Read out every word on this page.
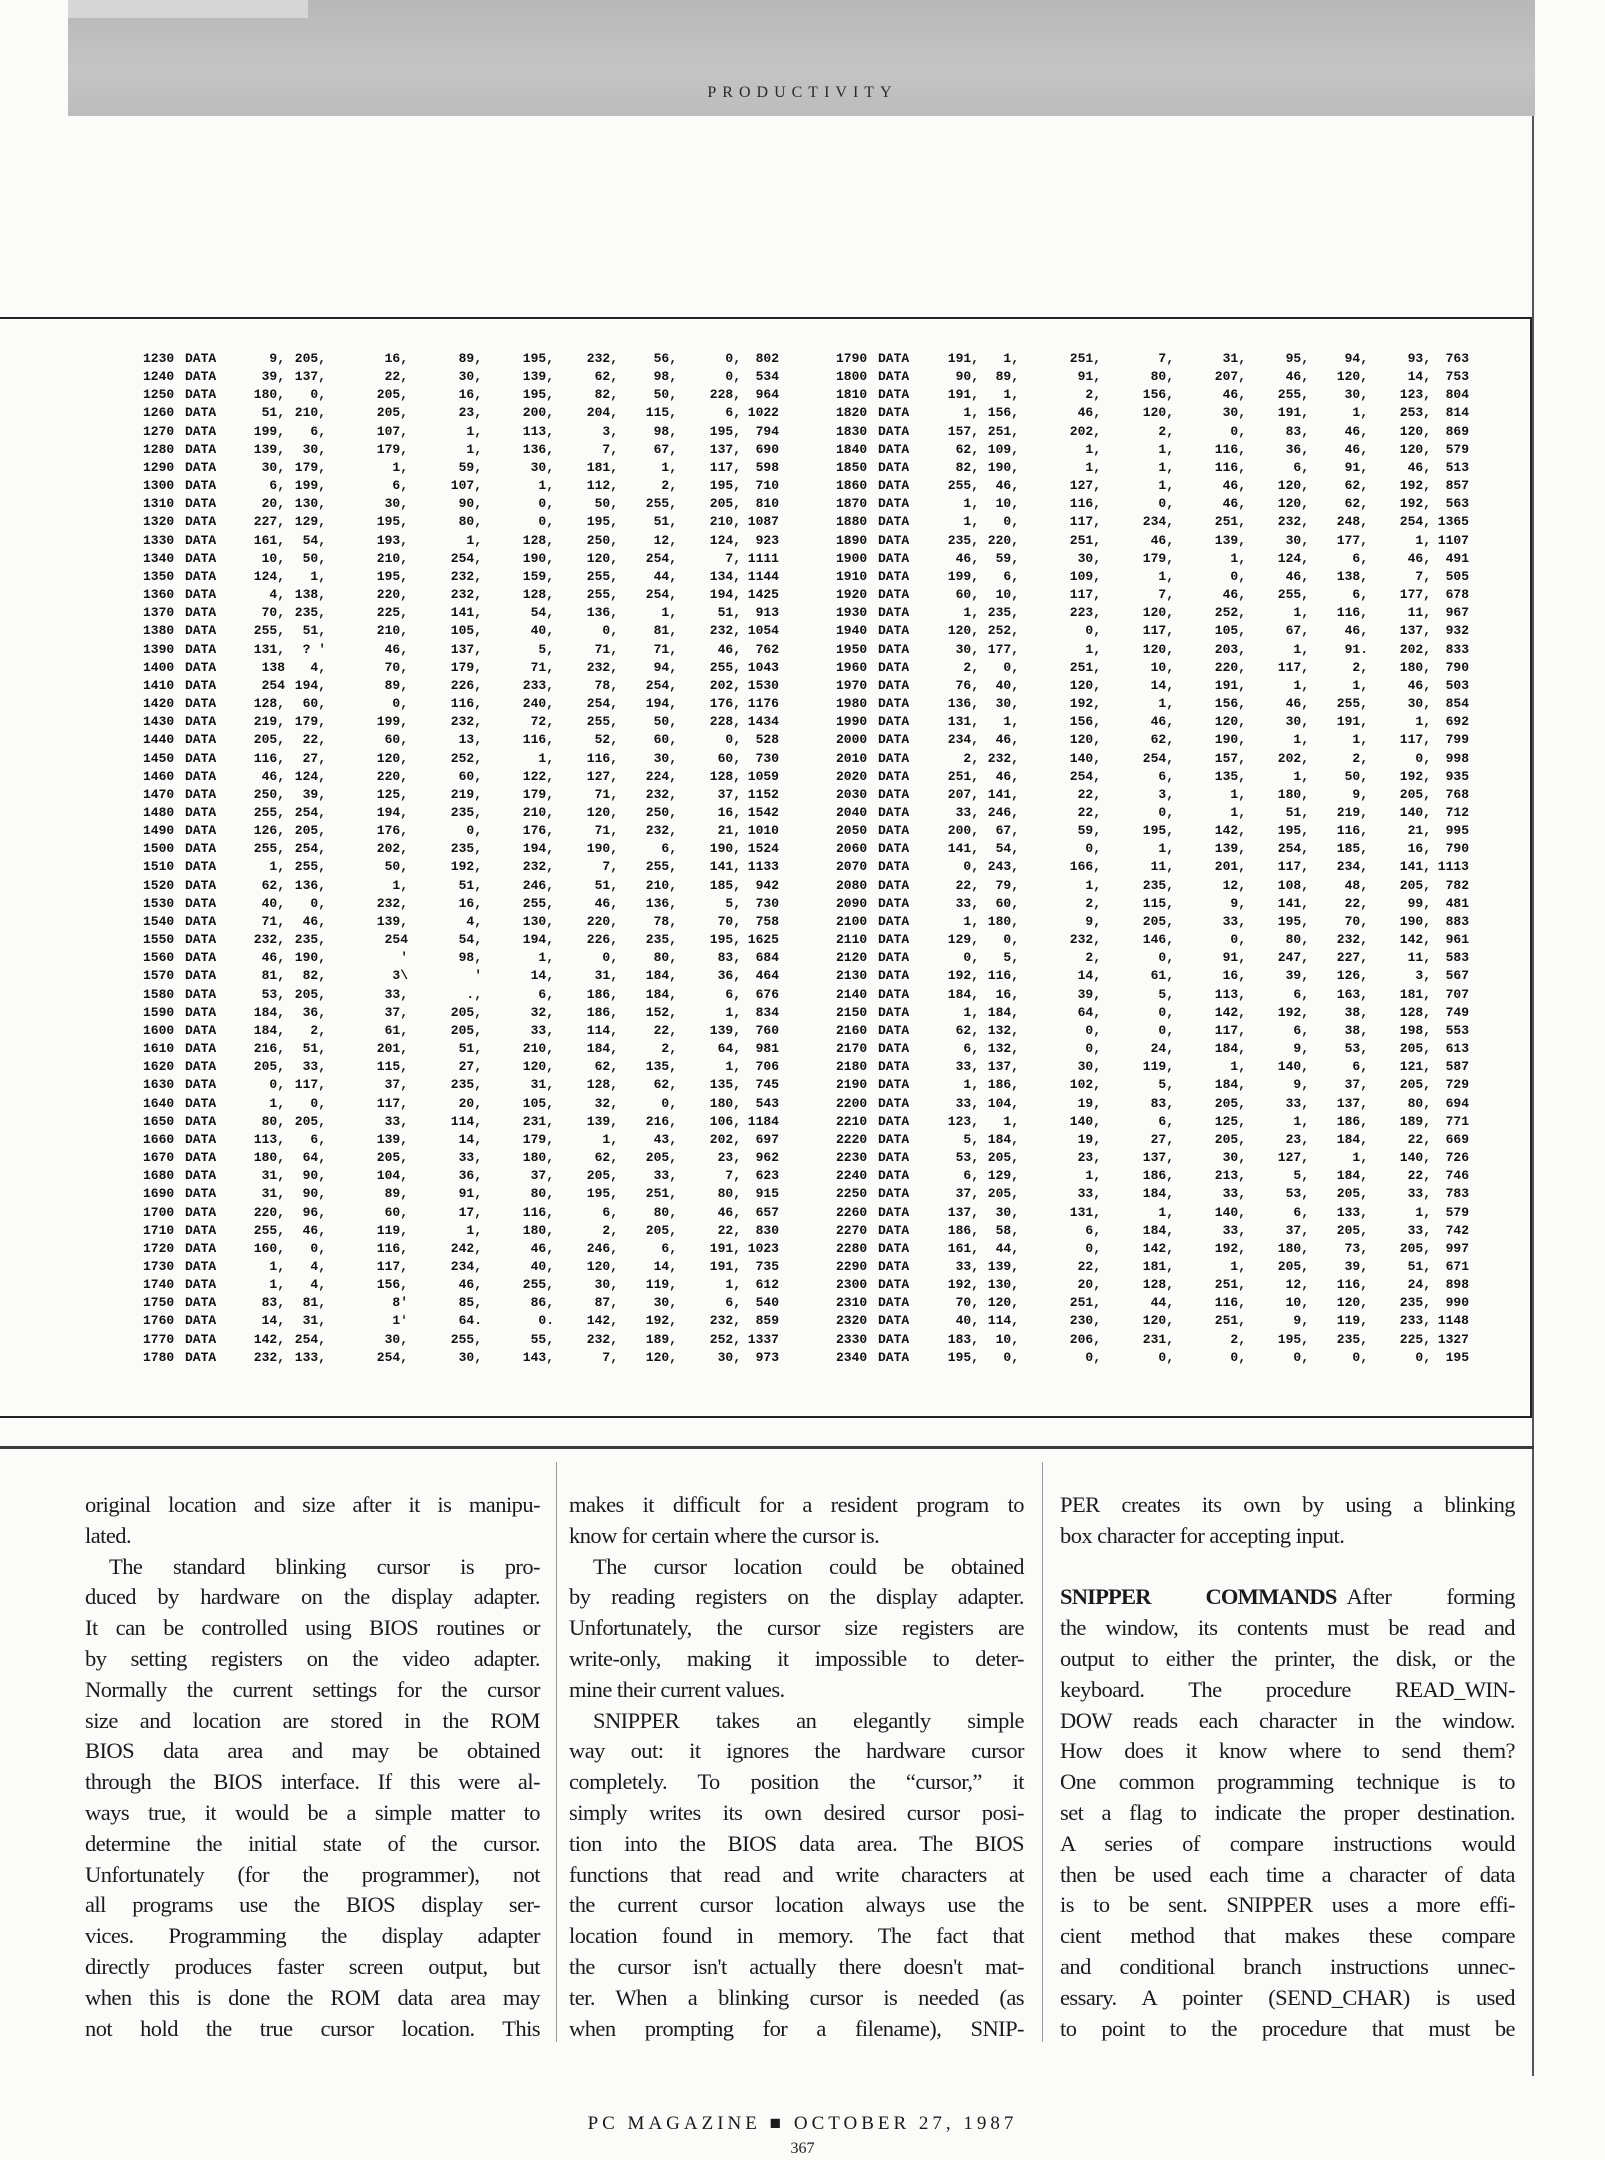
PRODUCTIVITY
1230 DATA	9, 205,	16,	89,	195,	232,	56,	0, 802
1240 DATA	39, 137,	22,	30,	139,	62,	98,	0, 534
1250 DATA	180, 0,	205,	16,	195,	82,	50,	228, 964
1260 DATA	51, 210,	205,	23,	200,	204, 115,	6, 1022
1270 DATA	199, 6,	107,	1,	113,	3,	98,	195, 794
1280 DATA	139, 30,	179,	1,	136,	7,	67,	137, 690
1290 DATA	30, 179,	1,	59,	30,	181,	1,	117, 598
1300 DATA	6, 199,	6,	107,	1,	112,	2,	195, 710
1310 DATA	20, 130,	30,	90,	0,	50, 255,	205, 810
1320 DATA	227, 129,	195,	80,	0,	195,	51,	210, 1087
1330 DATA	161, 54,	193,	1,	128,	250,	12,	124, 923
1340 DATA	10, 50,	210,	254,	190,	120, 254,	7, 1111
1350 DATA	124, 1,	195,	232,	159,	255,	44,	134, 1144
1360 DATA	4, 138,	220,	232,	128,	255, 254,	194, 1425
1370 DATA	70, 235,	225,	141,	54,	136,	1,	51, 913
1380 DATA	255, 51,	210,	105,	40,	0,	81,	232, 1054
1390 DATA	131, ? '	46,	137,	5,	71,	71,	46, 762
1400 DATA	138 4,	70,	179,	71,	232,	94,	255, 1043
1410 DATA	254 194,	89,	226,	233,	78, 254,	202, 1530
1420 DATA	128, 60,	0,	116,	240,	254, 194,	176, 1176
1430 DATA	219, 179,	199,	232,	72,	255,	50,	228, 1434
1440 DATA	205, 22,	60,	13,	116,	52,	60,	0, 528
1450 DATA	116, 27,	120,	252,	1,	116,	30,	60, 730
1460 DATA	46, 124,	220,	60,	122,	127, 224,	128, 1059
1470 DATA	250, 39,	125,	219,	179,	71, 232,	37, 1152
1480 DATA	255, 254,	194,	235,	210,	120, 250,	16, 1542
1490 DATA	126, 205,	176,	0,	176,	71, 232,	21, 1010
1500 DATA	255, 254,	202,	235,	194,	190,	6,	190, 1524
1510 DATA	1, 255,	50,	192,	232,	7, 255,	141, 1133
1520 DATA	62, 136,	1,	51,	246,	51, 210,	185, 942
1530 DATA	40, 0,	232,	16,	255,	46, 136,	5, 730
1540 DATA	71, 46,	139,	4,	130,	220,	78,	70, 758
1550 DATA	232, 235,	254	54,	194,	226, 235,	195, 1625
1560 DATA	46, 190,	'	98,	1,	0,	80,	83, 684
1570 DATA	81, 82,	3\	'	14,	31, 184,	36, 464
1580 DATA	53, 205,	33,	.,	6,	186, 184,	6, 676
1590 DATA	184, 36,	37,	205,	32,	186, 152,	1, 834
1600 DATA	184, 2,	61,	205,	33,	114,	22,	139, 760
1610 DATA	216, 51,	201,	51,	210,	184,	2,	64, 981
1620 DATA	205, 33,	115,	27,	120,	62, 135,	1, 706
1630 DATA	0, 117,	37,	235,	31,	128,	62,	135, 745
1640 DATA	1, 0,	117,	20,	105,	32,	0,	180, 543
1650 DATA	80, 205,	33,	114,	231,	139, 216,	106, 1184
1660 DATA	113, 6,	139,	14,	179,	1,	43,	202, 697
1670 DATA	180, 64,	205,	33,	180,	62, 205,	23, 962
1680 DATA	31, 90,	104,	36,	37,	205,	33,	7, 623
1690 DATA	31, 90,	89,	91,	80,	195, 251,	80, 915
1700 DATA	220, 96,	60,	17,	116,	6,	80,	46, 657
1710 DATA	255, 46,	119,	1,	180,	2, 205,	22, 830
1720 DATA	160, 0,	116,	242,	46,	246,	6,	191, 1023
1730 DATA	1, 4,	117,	234,	40,	120,	14,	191, 735
1740 DATA	1, 4,	156,	46,	255,	30, 119,	1, 612
1750 DATA	83, 81,	8'	85,	86,	87,	30,	6, 540
1760 DATA	14, 31,	1ʻ	64.	0.	142, 192,	232, 859
1770 DATA	142, 254,	30,	255,	55,	232, 189,	252, 1337
1780 DATA	232, 133,	254,	30,	143,	7, 120,	30, 973
1790 DATA	191, 1,	251,	7,	31,	95,	94,	93, 763
1800 DATA	90, 89,	91,	80,	207,	46, 120,	14, 753
1810 DATA	191, 1,	2,	156,	46, 255,	30, 123, 804
1820 DATA	1, 156,	46,	120,	30, 191,	1, 253, 814
1830 DATA	157, 251,	202,	2,	0,	83,	46, 120, 869
1840 DATA	62, 109,	1,	1,	116,	36,	46, 120, 579
1850 DATA	82, 190,	1,	1,	116,	6,	91,	46, 513
1860 DATA	255, 46,	127,	1,	46, 120,	62, 192, 857
1870 DATA	1, 10,	116,	0,	46, 120,	62, 192, 563
1880 DATA	1, 0,	117,	234,	251, 232, 248, 254, 1365
1890 DATA	235, 220,	251,	46,	139,	30, 177,	1, 1107
1900 DATA	46, 59,	30,	179,	1, 124,	6,	46, 491
1910 DATA	199, 6,	109,	1,	0,	46, 138,	7, 505
1920 DATA	60, 10,	117,	7,	46, 255,	6, 177, 678
1930 DATA	1, 235,	223,	120,	252,	1, 116,	11, 967
1940 DATA	120, 252,	0,	117,	105,	67,	46, 137, 932
1950 DATA	30, 177,	1,	120,	203,	1,	91. 202, 833
1960 DATA	2, 0,	251,	10,	220, 117,	2, 180, 790
1970 DATA	76, 40,	120,	14,	191,	1,	1,	46, 503
1980 DATA	136, 30,	192,	1,	156,	46, 255,	30, 854
1990 DATA	131, 1,	156,	46,	120,	30, 191,	1, 692
2000 DATA	234, 46,	120,	62,	190,	1,	1, 117, 799
2010 DATA	2, 232,	140,	254,	157, 202,	2,	0, 998
2020 DATA	251, 46,	254,	6,	135,	1,	50, 192, 935
2030 DATA	207, 141,	22,	3,	1, 180,	9, 205, 768
2040 DATA	33, 246,	22,	0,	1,	51, 219, 140, 712
2050 DATA	200, 67,	59,	195,	142, 195, 116,	21, 995
2060 DATA	141, 54,	0,	1,	139, 254, 185,	16, 790
2070 DATA	0, 243,	166,	11,	201, 117, 234, 141, 1113
2080 DATA	22, 79,	1,	235,	12, 108,	48, 205, 782
2090 DATA	33, 60,	2,	115,	9, 141,	22,	99, 481
2100 DATA	1, 180,	9,	205,	33, 195,	70, 190, 883
2110 DATA	129, 0,	232,	146,	0,	80, 232, 142, 961
2120 DATA	0, 5,	2,	0,	91, 247, 227,	11, 583
2130 DATA	192, 116,	14,	61,	16,	39, 126,	3, 567
2140 DATA	184, 16,	39,	5,	113,	6, 163, 181, 707
2150 DATA	1, 184,	64,	0,	142, 192,	38, 128, 749
2160 DATA	62, 132,	0,	0,	117,	6,	38, 198, 553
2170 DATA	6, 132,	0,	24,	184,	9,	53, 205, 613
2180 DATA	33, 137,	30,	119,	1, 140,	6, 121, 587
2190 DATA	1, 186,	102,	5,	184,	9,	37, 205, 729
2200 DATA	33, 104,	19,	83,	205,	33, 137,	80, 694
2210 DATA	123, 1,	140,	6,	125,	1, 186, 189, 771
2220 DATA	5, 184,	19,	27,	205,	23, 184,	22, 669
2230 DATA	53, 205,	23,	137,	30, 127,	1, 140, 726
2240 DATA	6, 129,	1,	186,	213,	5, 184,	22, 746
2250 DATA	37, 205,	33,	184,	33,	53, 205,	33, 783
2260 DATA	137, 30,	131,	1,	140,	6, 133,	1, 579
2270 DATA	186, 58,	6,	184,	33,	37, 205,	33, 742
2280 DATA	161, 44,	0,	142,	192, 180,	73, 205, 997
2290 DATA	33, 139,	22,	181,	1, 205,	39,	51, 671
2300 DATA	192, 130,	20,	128,	251,	12, 116,	24, 898
2310 DATA	70, 120,	251,	44,	116,	10, 120, 235, 990
2320 DATA	40, 114,	230,	120,	251,	9, 119, 233, 1148
2330 DATA	183, 10,	206,	231,	2, 195, 235, 225, 1327
2340 DATA	195, 0,	0,	0,	0,	0,	0,	0, 195
original location and size after it is manipu-
lated.
The standard blinking cursor is pro-
duced by hardware on the display adapter.
It can be controlled using BIOS routines or
by setting registers on the video adapter.
Normally the current settings for the cursor
size and location are stored in the ROM
BIOS data area and may be obtained
through the BIOS interface. If this were al-
ways true, it would be a simple matter to
determine the initial state of the cursor.
Unfortunately (for the programmer), not
all programs use the BIOS display ser-
vices. Programming the display adapter
directly produces faster screen output, but
when this is done the ROM data area may
not hold the true cursor location. This
makes it difficult for a resident program to
know for certain where the cursor is.
The cursor location could be obtained
by reading registers on the display adapter.
Unfortunately, the cursor size registers are
write-only, making it impossible to deter-
mine their current values.
SNIPPER takes an elegantly simple
way out: it ignores the hardware cursor
completely. To position the “cursor,” it
simply writes its own desired cursor posi-
tion into the BIOS data area. The BIOS
functions that read and write characters at
the current cursor location always use the
location found in memory. The fact that
the cursor isn't actually there doesn't mat-
ter. When a blinking cursor is needed (as
when prompting for a filename), SNIP-
PER creates its own by using a blinking
box character for accepting input.
SNIPPER COMMANDS After forming
the window, its contents must be read and
output to either the printer, the disk, or the
keyboard. The procedure READ_WIN-
DOW reads each character in the window.
How does it know where to send them?
One common programming technique is to
set a flag to indicate the proper destination.
A series of compare instructions would
then be used each time a character of data
is to be sent. SNIPPER uses a more effi-
cient method that makes these compare
and conditional branch instructions unnec-
essary. A pointer (SEND_CHAR) is used
to point to the procedure that must be
PC MAGAZINE ■ OCTOBER 27, 1987
367
